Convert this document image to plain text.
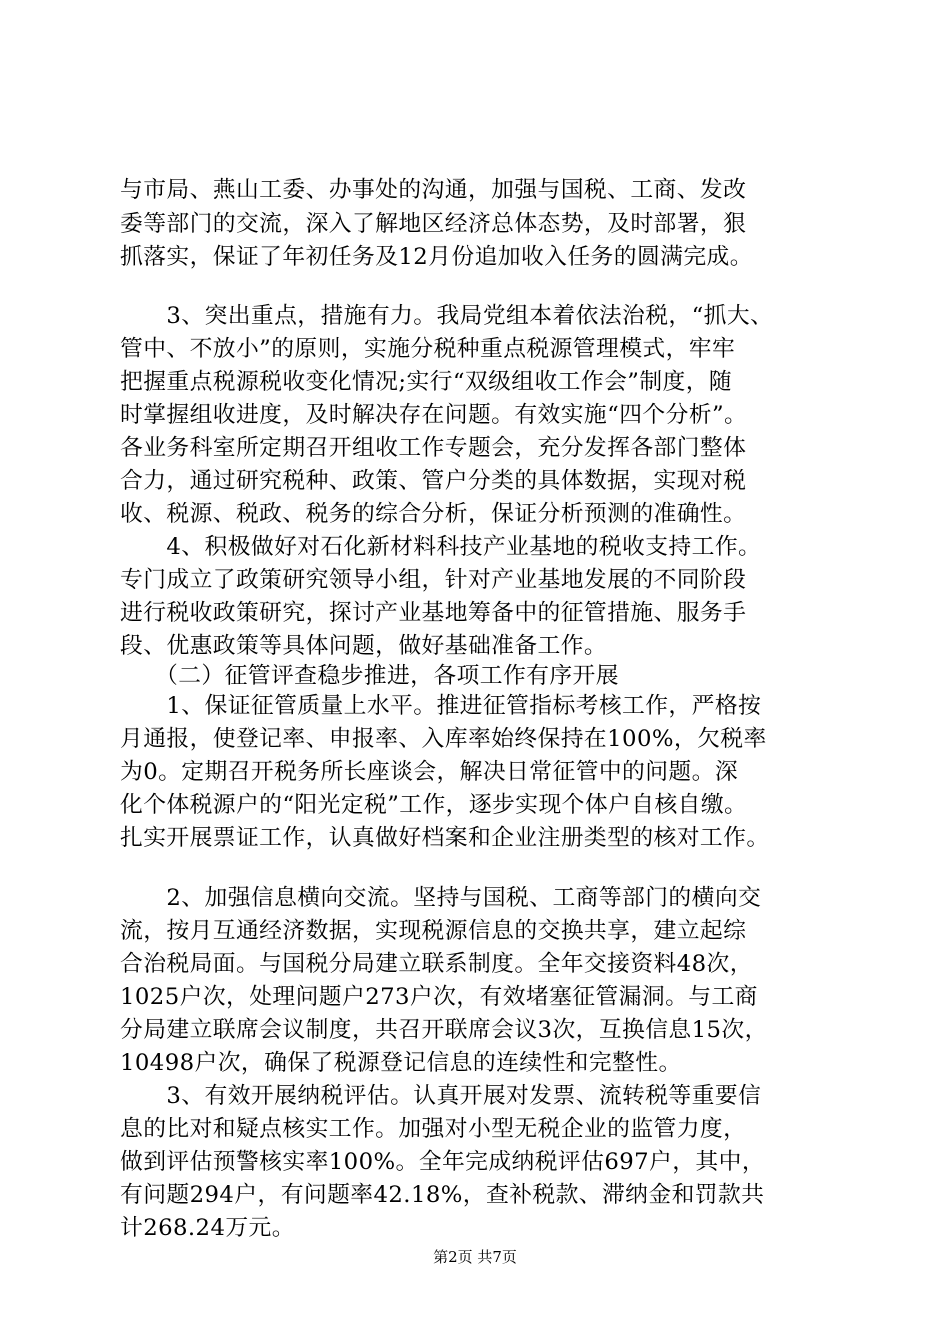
与市局、燕山工委、办事处的沟通，加强与国税、工商、发改
委等部门的交流，深入了解地区经济总体态势，及时部署，狠
抓落实，保证了年初任务及12月份追加收入任务的圆满完成。
　　3、突出重点，措施有力。我局党组本着依法治税，“抓大、
管中、不放小”的原则，实施分税种重点税源管理模式，牢牢
把握重点税源税收变化情况;实行“双级组收工作会”制度，随
时掌握组收进度，及时解决存在问题。有效实施“四个分析”。
各业务科室所定期召开组收工作专题会，充分发挥各部门整体
合力，通过研究税种、政策、管户分类的具体数据，实现对税
收、税源、税政、税务的综合分析，保证分析预测的准确性。
　　4、积极做好对石化新材料科技产业基地的税收支持工作。
专门成立了政策研究领导小组，针对产业基地发展的不同阶段
进行税收政策研究，探讨产业基地筹备中的征管措施、服务手
段、优惠政策等具体问题，做好基础准备工作。
　　（二）征管评查稳步推进，各项工作有序开展
　　1、保证征管质量上水平。推进征管指标考核工作，严格按
月通报，使登记率、申报率、入库率始终保持在100%，欠税率
为0。定期召开税务所长座谈会，解决日常征管中的问题。深
化个体税源户的“阳光定税”工作，逐步实现个体户自核自缴。
扎实开展票证工作，认真做好档案和企业注册类型的核对工作。
　　2、加强信息横向交流。坚持与国税、工商等部门的横向交
流，按月互通经济数据，实现税源信息的交换共享，建立起综
合治税局面。与国税分局建立联系制度。全年交接资料48次，
1025户次，处理问题户273户次，有效堵塞征管漏洞。与工商
分局建立联席会议制度，共召开联席会议3次，互换信息15次，
10498户次，确保了税源登记信息的连续性和完整性。
　　3、有效开展纳税评估。认真开展对发票、流转税等重要信
息的比对和疑点核实工作。加强对小型无税企业的监管力度，
做到评估预警核实率100%。全年完成纳税评估697户，其中，
有问题294户，有问题率42.18%，查补税款、滞纳金和罚款共
计268.24万元。
第2页 共7页
